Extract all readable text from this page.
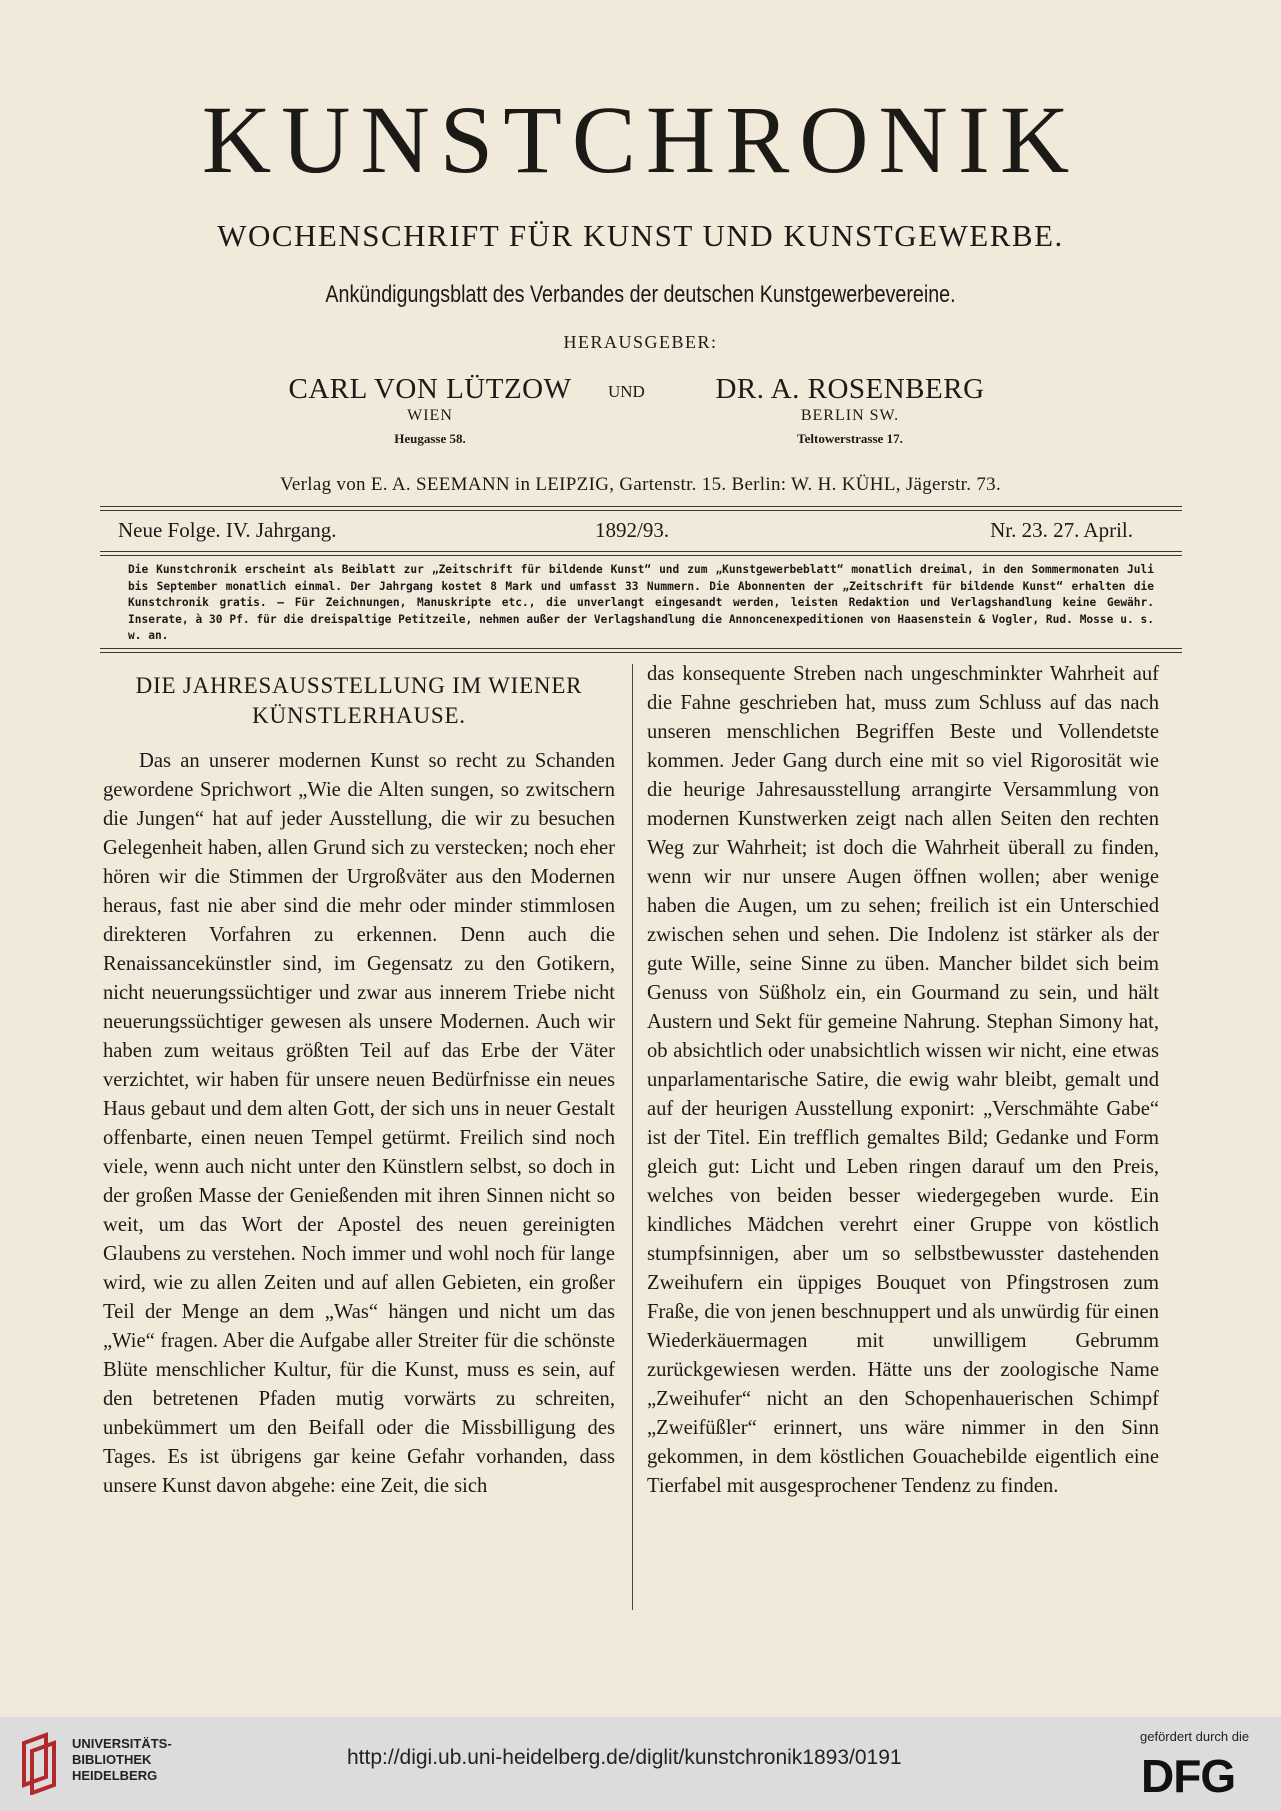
KUNSTCHRONIK
WOCHENSCHRIFT FÜR KUNST UND KUNSTGEWERBE.
Ankündigungsblatt des Verbandes der deutschen Kunstgewerbevereine.
HERAUSGEBER:
CARL VON LÜTZOW
WIEN
Heugasse 58.
UND DR. A. ROSENBERG
BERLIN SW.
Teltowerstrasse 17.
Verlag von E. A. SEEMANN in LEIPZIG, Gartenstr. 15. Berlin: W. H. KÜHL, Jägerstr. 73.
Neue Folge. IV. Jahrgang.	1892/93.	Nr. 23. 27. April.
Die Kunstchronik erscheint als Beiblatt zur „Zeitschrift für bildende Kunst“ und zum „Kunstgewerbeblatt“ monatlich dreimal, in den Sommermonaten Juli bis September monatlich einmal. Der Jahrgang kostet 8 Mark und umfasst 33 Nummern. Die Abonnenten der „Zeitschrift für bildende Kunst“ erhalten die Kunstchronik gratis. — Für Zeichnungen, Manuskripte etc., die unverlangt eingesandt werden, leisten Redaktion und Verlagshandlung keine Gewähr. Inserate, à 30 Pf. für die dreispaltige Petitzeile, nehmen außer der Verlagshandlung die Annoncenexpeditionen von Haasenstein & Vogler, Rud. Mosse u. s. w. an.
DIE JAHRESAUSSTELLUNG IM WIENER
KÜNSTLERHAUSE.

Das an unserer modernen Kunst so recht zu Schanden gewordene Sprichwort „Wie die Alten sungen, so zwitschern die Jungen“ hat auf jeder Ausstellung, die wir zu besuchen Gelegenheit haben, allen Grund sich zu verstecken; noch eher hören wir die Stimmen der Urgroßväter aus den Modernen heraus, fast nie aber sind die mehr oder minder stimmlosen direkteren Vorfahren zu erkennen. Denn auch die Renaissancekünstler sind, im Gegensatz zu den Gotikern, nicht neuerungssüchtiger und zwar aus innerem Triebe nicht neuerungssüchtiger gewesen als unsere Modernen. Auch wir haben zum weitaus größten Teil auf das Erbe der Väter verzichtet, wir haben für unsere neuen Bedürfnisse ein neues Haus gebaut und dem alten Gott, der sich uns in neuer Gestalt offenbarte, einen neuen Tempel getürmt. Freilich sind noch viele, wenn auch nicht unter den Künstlern selbst, so doch in der großen Masse der Genießenden mit ihren Sinnen nicht so weit, um das Wort der Apostel des neuen gereinigten Glaubens zu verstehen. Noch immer und wohl noch für lange wird, wie zu allen Zeiten und auf allen Gebieten, ein großer Teil der Menge an dem „Was“ hängen und nicht um das „Wie“ fragen. Aber die Aufgabe aller Streiter für die schönste Blüte menschlicher Kultur, für die Kunst, muss es sein, auf den betretenen Pfaden mutig vorwärts zu schreiten, unbekümmert um den Beifall oder die Missbilligung des Tages. Es ist übrigens gar keine Gefahr vorhanden, dass unsere Kunst davon abgehe: eine Zeit, die sich

das konsequente Streben nach ungeschminkter Wahrheit auf die Fahne geschrieben hat, muss zum Schluss auf das nach unseren menschlichen Begriffen Beste und Vollendetste kommen. Jeder Gang durch eine mit so viel Rigorosität wie die heurige Jahresausstellung arrangirte Versammlung von modernen Kunstwerken zeigt nach allen Seiten den rechten Weg zur Wahrheit; ist doch die Wahrheit überall zu finden, wenn wir nur unsere Augen öffnen wollen; aber wenige haben die Augen, um zu sehen; freilich ist ein Unterschied zwischen sehen und sehen. Die Indolenz ist stärker als der gute Wille, seine Sinne zu üben. Mancher bildet sich beim Genuss von Süßholz ein, ein Gourmand zu sein, und hält Austern und Sekt für gemeine Nahrung. Stephan Simony hat, ob absichtlich oder unabsichtlich wissen wir nicht, eine etwas unparlamentarische Satire, die ewig wahr bleibt, gemalt und auf der heurigen Ausstellung exponirt: „Verschmähte Gabe“ ist der Titel. Ein trefflich gemaltes Bild; Gedanke und Form gleich gut: Licht und Leben ringen darauf um den Preis, welches von beiden besser wiedergegeben wurde. Ein kindliches Mädchen verehrt einer Gruppe von köstlich stumpfsinnigen, aber um so selbstbewusster dastehenden Zweihufern ein üppiges Bouquet von Pfingstrosen zum Fraße, die von jenen beschnuppert und als unwürdig für einen Wiederkäuermagen mit unwilligem Gebrumm zurückgewiesen werden. Hätte uns der zoologische Name „Zweihufer“ nicht an den Schopenhauerischen Schimpf „Zweifüßler“ erinnert, uns wäre nimmer in den Sinn gekommen, in dem köstlichen Gouachebilde eigentlich eine Tierfabel mit ausgesprochener Tendenz zu finden.

UNIVERSITÄTS-
BIBLIOTHEK
HEIDELBERG
http://digi.ub.uni-heidelberg.de/diglit/kunstchronik1893/0191
gefördert durch die
DFG
